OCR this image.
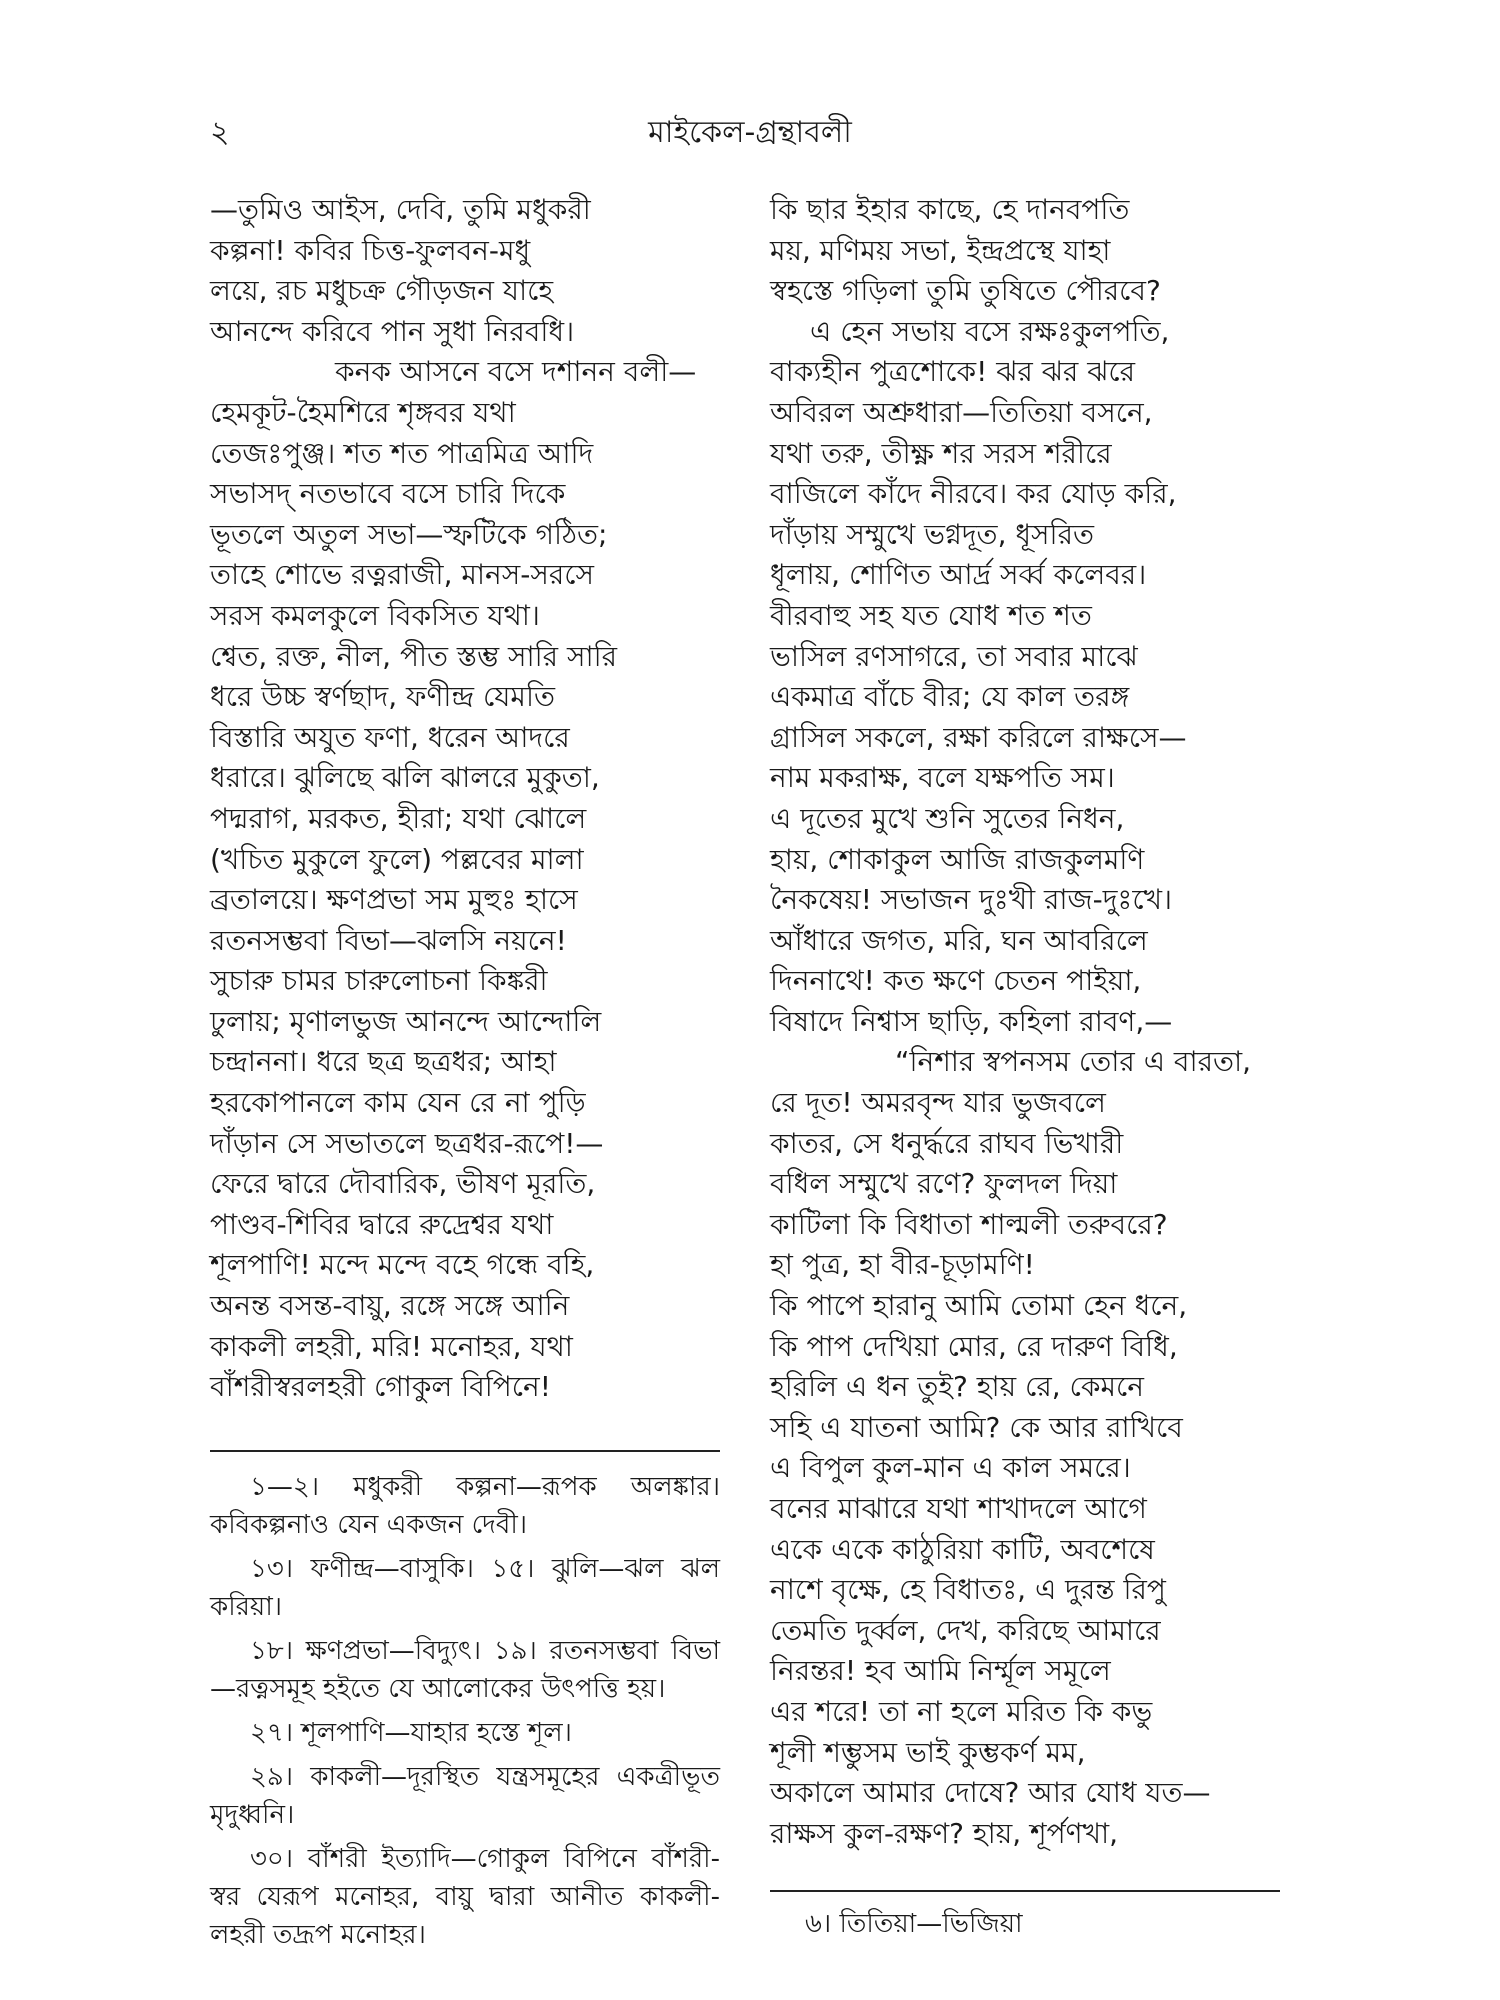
মাইকেল-গ্রন্থাবলী
২
—তুমিও আইস, দেবি, তুমি মধুকরী
কল্পনা! কবির চিত্ত-ফুলবন-মধু
লয়ে, রচ মধুচক্র গৌড়জন যাহে
আনন্দে করিবে পান সুধা নিরবধি।
কনক আসনে বসে দশানন বলী—
হেমকূট-হৈমশিরে শৃঙ্গবর যথা
তেজঃপুঞ্জ। শত শত পাত্রমিত্র আদি
সভাসদ্ নতভাবে বসে চারি দিকে
ভূতলে অতুল সভা—স্ফটিকে গঠিত;
তাহে শোভে রত্নরাজী, মানস-সরসে
সরস কমলকুলে বিকসিত যথা।
শ্বেত, রক্ত, নীল, পীত স্তম্ভ সারি সারি
ধরে উচ্চ স্বর্ণছাদ, ফণীন্দ্র যেমতি
বিস্তারি অযুত ফণা, ধরেন আদরে
ধরারে। ঝুলিছে ঝলি ঝালরে মুকুতা,
পদ্মরাগ, মরকত, হীরা; যথা ঝোলে
(খচিত মুকুলে ফুলে) পল্লবের মালা
ব্রতালয়ে। ক্ষণপ্রভা সম মুহুঃ হাসে
রতনসম্ভবা বিভা—ঝলসি নয়নে!
সুচারু চামর চারুলোচনা কিঙ্করী
ঢুলায়; মৃণালভুজ আনন্দে আন্দোলি
চন্দ্রাননা। ধরে ছত্র ছত্রধর; আহা
হরকোপানলে কাম যেন রে না পুড়ি
দাঁড়ান সে সভাতলে ছত্রধর-রূপে!—
ফেরে দ্বারে দৌবারিক, ভীষণ মূরতি,
পাণ্ডব-শিবির দ্বারে রুদ্রেশ্বর যথা
শূলপাণি! মন্দে মন্দে বহে গন্ধে বহি,
অনন্ত বসন্ত-বায়ু, রঙ্গে সঙ্গে আনি
কাকলী লহরী, মরি! মনোহর, যথা
বাঁশরীস্বরলহরী গোকুল বিপিনে!
কি ছার ইহার কাছে, হে দানবপতি
ময়, মণিময় সভা, ইন্দ্রপ্রস্থে যাহা
স্বহস্তে গড়িলা তুমি তুষিতে পৌরবে?
এ হেন সভায় বসে রক্ষঃকুলপতি,
বাক্যহীন পুত্রশোকে! ঝর ঝর ঝরে
অবিরল অশ্রুধারা—তিতিয়া বসনে,
যথা তরু, তীক্ষ্ণ শর সরস শরীরে
বাজিলে কাঁদে নীরবে। কর যোড় করি,
দাঁড়ায় সম্মুখে ভগ্নদূত, ধূসরিত
ধূলায়, শোণিত আর্দ্র সর্ব্ব কলেবর।
বীরবাহু সহ যত যোধ শত শত
ভাসিল রণসাগরে, তা সবার মাঝে
একমাত্র বাঁচে বীর; যে কাল তরঙ্গ
গ্রাসিল সকলে, রক্ষা করিলে রাক্ষসে—
নাম মকরাক্ষ, বলে যক্ষপতি সম।
এ দূতের মুখে শুনি সুতের নিধন,
হায়, শোকাকুল আজি রাজকুলমণি
নৈকষেয়! সভাজন দুঃখী রাজ-দুঃখে।
আঁধারে জগত, মরি, ঘন আবরিলে
দিননাথে! কত ক্ষণে চেতন পাইয়া,
বিষাদে নিশ্বাস ছাড়ি, কহিলা রাবণ,—
“নিশার স্বপনসম তোর এ বারতা,
রে দূত! অমরবৃন্দ যার ভুজবলে
কাতর, সে ধনুর্দ্ধরে রাঘব ভিখারী
বধিল সম্মুখে রণে? ফুলদল দিয়া
কাটিলা কি বিধাতা শাল্মলী তরুবরে?
হা পুত্র, হা বীর-চূড়ামণি!
কি পাপে হারানু আমি তোমা হেন ধনে,
কি পাপ দেখিয়া মোর, রে দারুণ বিধি,
হরিলি এ ধন তুই? হায় রে, কেমনে
সহি এ যাতনা আমি? কে আর রাখিবে
এ বিপুল কুল-মান এ কাল সমরে।
বনের মাঝারে যথা শাখাদলে আগে
একে একে কাঠুরিয়া কাটি, অবশেষে
নাশে বৃক্ষে, হে বিধাতঃ, এ দুরন্ত রিপু
তেমতি দুর্ব্বল, দেখ, করিছে আমারে
নিরন্তর! হব আমি নির্ম্মূল সমূলে
এর শরে! তা না হলে মরিত কি কভু
শূলী শম্ভুসম ভাই কুম্ভকর্ণ মম,
অকালে আমার দোষে? আর যোধ যত—
রাক্ষস কুল-রক্ষণ? হায়, শূর্পণখা,

১—২। মধুকরী কল্পনা—রূপক অলঙ্কার। কবিকল্পনাও যেন একজন দেবী।

১৩। ফণীন্দ্র—বাসুকি। ১৫। ঝুলি—ঝল ঝল করিয়া।

১৮। ক্ষণপ্রভা—বিদ্যুৎ। ১৯। রতনসম্ভবা বিভা—রত্নসমূহ হইতে যে আলোকের উৎপত্তি হয়।

২৭। শূলপাণি—যাহার হস্তে শূল।

২৯। কাকলী—দূরস্থিত যন্ত্রসমূহের একত্রীভূত মৃদুধ্বনি।

৩০। বাঁশরী ইত্যাদি—গোকুল বিপিনে বাঁশরী-স্বর যেরূপ মনোহর, বায়ু দ্বারা আনীত কাকলী-লহরী তদ্রূপ মনোহর।	৬। তিতিয়া—ভিজিয়া
